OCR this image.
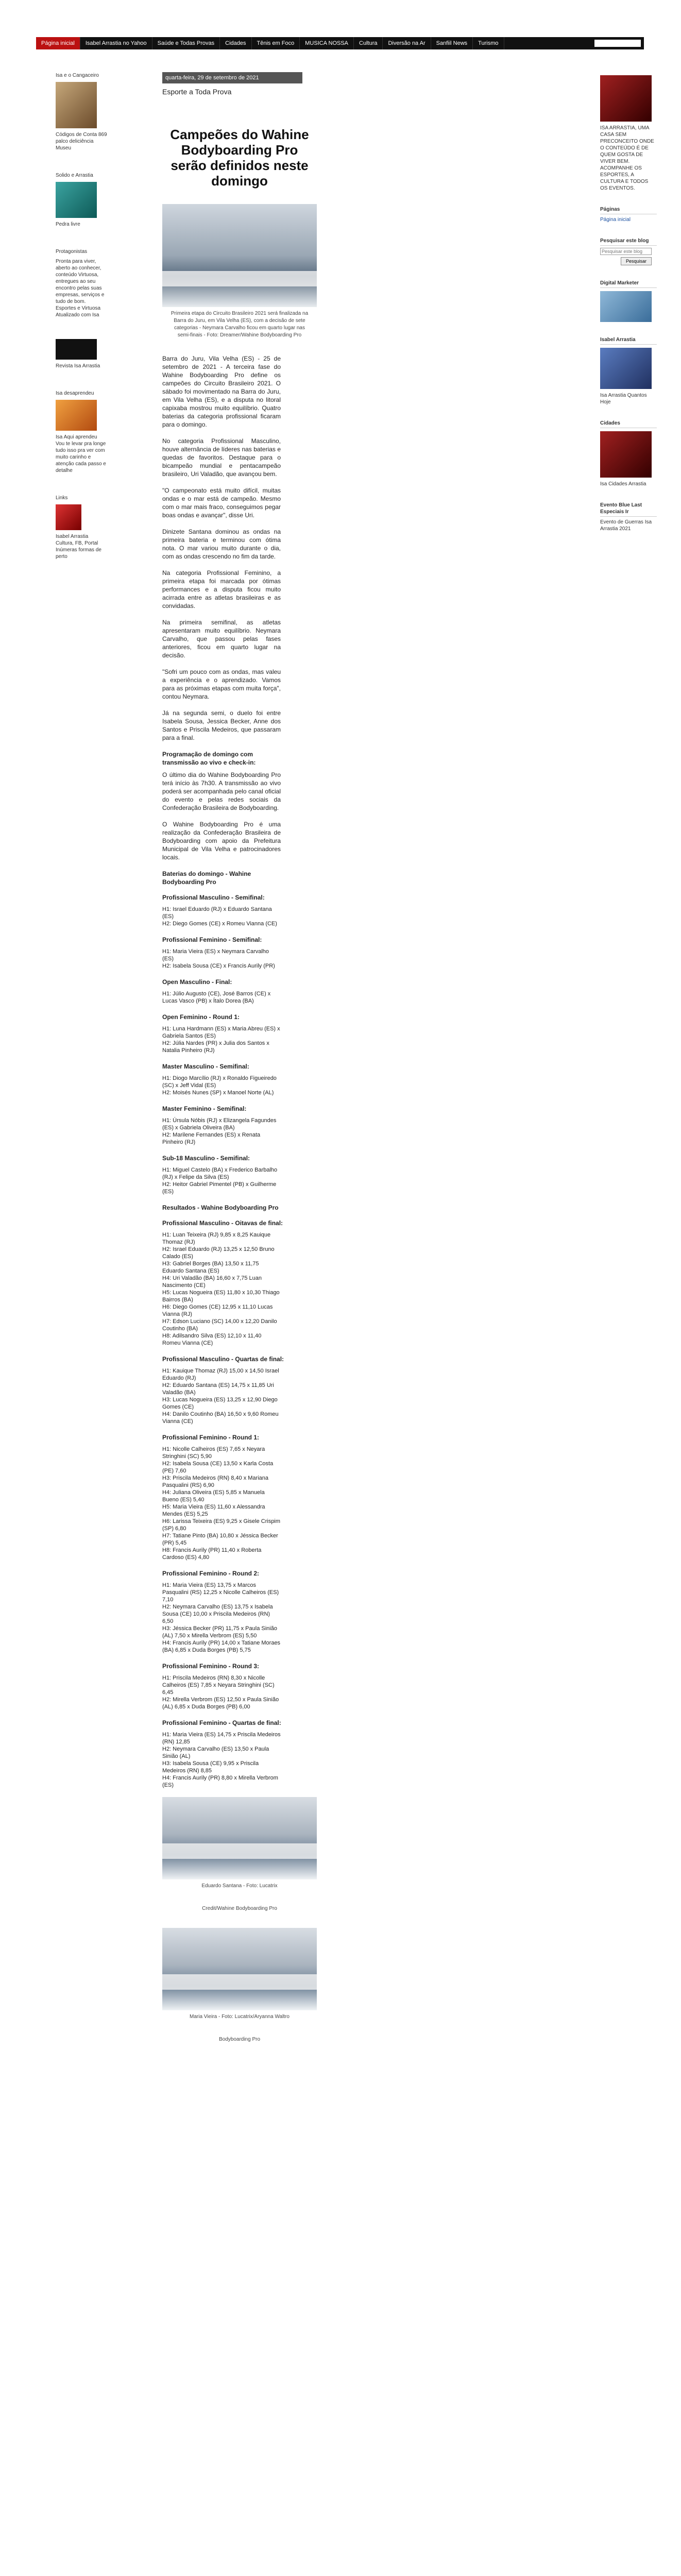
Página inicial	Isabel Arrastia no Yahoo	Saúde e Todas Provas	Cidades	Tênis em Foco	MUSICA NOSSA	Cultura	Diversão na Ar	Sanfiil News	Turismo

Isa e o Cangaceiro

Códigos de Conta 869 palco deliciência Museu

Solido e Arrastia

Pedra livre

Protagonistas

Pronta para viver, aberto ao conhecer, conteúdo Virtuosa, entregues ao seu encontro pelas suas empresas, serviços e tudo de bom. Esportes e Virtuosa Atualizado com Isa

Revista Isa Arrastia

Isa desaprendeu

Isa Aqui aprendeu Vou te levar pra longe tudo isso pra ver com muito carinho e atenção cada passo e detalhe

Links

Isabel Arrastia Cultura, FB, Portal Inúmeras formas de perto

quarta-feira, 29 de setembro de 2021
Esporte a Toda Prova
Campeões do Wahine Bodyboarding Pro serão definidos neste domingo
Primeira etapa do Circuito Brasileiro 2021 será finalizada na Barra do Juru, em Vila Velha (ES), com a decisão de sete categorias - Neymara Carvalho ficou em quarto lugar nas semi-finais - Foto: Dreamer/Wahine Bodyboarding Pro

Barra do Juru, Vila Velha (ES) - 25 de setembro de 2021 - A terceira fase do Wahine Bodyboarding Pro define os campeões do Circuito Brasileiro 2021. O sábado foi movimentado na Barra do Juru, em Vila Velha (ES), e a disputa no litoral capixaba mostrou muito equilíbrio. Quatro baterias da categoria profissional ficaram para o domingo.

No categoria Profissional Masculino, houve alternância de líderes nas baterias e quedas de favoritos. Destaque para o bicampeão mundial e pentacampeão brasileiro, Uri Valadão, que avançou bem.

"O campeonato está muito difícil, muitas ondas e o mar está de campeão. Mesmo com o mar mais fraco, conseguimos pegar boas ondas e avançar", disse Uri.

Dinizete Santana dominou as ondas na primeira bateria e terminou com ótima nota. O mar variou muito durante o dia, com as ondas crescendo no fim da tarde.

Na categoria Profissional Feminino, a primeira etapa foi marcada por ótimas performances e a disputa ficou muito acirrada entre as atletas brasileiras e as convidadas.

Na primeira semifinal, as atletas apresentaram muito equilíbrio. Neymara Carvalho, que passou pelas fases anteriores, ficou em quarto lugar na decisão.

"Sofri um pouco com as ondas, mas valeu a experiência e o aprendizado. Vamos para as próximas etapas com muita força", contou Neymara.

Já na segunda semi, o duelo foi entre Isabela Sousa, Jessica Becker, Anne dos Santos e Priscila Medeiros, que passaram para a final.

Programação de domingo com transmissão ao vivo e check-in:

O último dia do Wahine Bodyboarding Pro terá início às 7h30. A transmissão ao vivo poderá ser acompanhada pelo canal oficial do evento e pelas redes sociais da Confederação Brasileira de Bodyboarding.

O Wahine Bodyboarding Pro é uma realização da Confederação Brasileira de Bodyboarding com apoio da Prefeitura Municipal de Vila Velha e patrocinadores locais.

Baterias do domingo - Wahine Bodyboarding Pro
Profissional Masculino - Semifinal:
H1: Israel Eduardo (RJ) x Eduardo Santana (ES)
H2: Diego Gomes (CE) x Romeu Vianna (CE)
Profissional Feminino - Semifinal:
H1: Maria Vieira (ES) x Neymara Carvalho (ES)
H2: Isabela Sousa (CE) x Francis Aurily (PR)
Open Masculino - Final:
H1: Júlio Augusto (CE), José Barros (CE) x Lucas Vasco (PB) x Ítalo Dorea (BA)
Open Feminino - Round 1:
H1: Luna Hardmann (ES) x Maria Abreu (ES) x Gabriela Santos (ES)
H2: Júlia Nardes (PR) x Julia dos Santos x Natalia Pinheiro (RJ)
Master Masculino - Semifinal:
H1: Diogo Marcílio (RJ) x Ronaldo Figueiredo (SC) x Jeff Vidal (ES)
H2: Moisés Nunes (SP) x Manoel Norte (AL)
Master Feminino - Semifinal:
H1: Úrsula Nóbis (RJ) x Elizangela Fagundes (ES) x Gabriela Oliveira (BA)
H2: Marilene Fernandes (ES) x Renata Pinheiro (RJ)
Sub-18 Masculino - Semifinal:
H1: Miguel Castelo (BA) x Frederico Barbalho (RJ) x Felipe da Silva (ES)
H2: Heitor Gabriel Pimentel (PB) x Guilherme (ES)
Resultados - Wahine Bodyboarding Pro
Profissional Masculino - Oitavas de final:
H1: Luan Teixeira (RJ) 9,85 x 8,25 Kauique Thomaz (RJ)
H2: Israel Eduardo (RJ) 13,25 x 12,50 Bruno Calado (ES)
H3: Gabriel Borges (BA) 13,50 x 11,75 Eduardo Santana (ES)
H4: Uri Valadão (BA) 16,60 x 7,75 Luan Nascimento (CE)
H5: Lucas Nogueira (ES) 11,80 x 10,30 Thiago Bairros (BA)
H6: Diego Gomes (CE) 12,95 x 11,10 Lucas Vianna (RJ)
H7: Edson Luciano (SC) 14,00 x 12,20 Danilo Coutinho (BA)
H8: Adilsandro Silva (ES) 12,10 x 11,40 Romeu Vianna (CE)
Profissional Masculino - Quartas de final:
H1: Kauique Thomaz (RJ) 15,00 x 14,50 Israel Eduardo (RJ)
H2: Eduardo Santana (ES) 14,75 x 11,85 Uri Valadão (BA)
H3: Lucas Nogueira (ES) 13,25 x 12,90 Diego Gomes (CE)
H4: Danilo Coutinho (BA) 16,50 x 9,60 Romeu Vianna (CE)
Profissional Feminino - Round 1:
H1: Nicolle Calheiros (ES) 7,65 x Neyara Stringhini (SC) 5,90
H2: Isabela Sousa (CE) 13,50 x Karla Costa (PE) 7,60
H3: Priscila Medeiros (RN) 8,40 x Mariana Pasqualini (RS) 6,90
H4: Juliana Oliveira (ES) 5,85 x Manuela Bueno (ES) 5,40
H5: Maria Vieira (ES) 11,60 x Alessandra Mendes (ES) 5,25
H6: Larissa Teixeira (ES) 9,25 x Gisele Crispim (SP) 6,80
H7: Tatiane Pinto (BA) 10,80 x Jéssica Becker (PR) 5,45
H8: Francis Aurily (PR) 11,40 x Roberta Cardoso (ES) 4,80
Profissional Feminino - Round 2:
H1: Maria Vieira (ES) 13,75 x Marcos Pasqualini (RS) 12,25 x Nicolle Calheiros (ES) 7,10
H2: Neymara Carvalho (ES) 13,75 x Isabela Sousa (CE) 10,00 x Priscila Medeiros (RN) 6,50
H3: Jéssica Becker (PR) 11,75 x Paula Sinião (AL) 7,50 x Mirella Verbrom (ES) 5,50
H4: Francis Aurily (PR) 14,00 x Tatiane Moraes (BA) 6,85 x Duda Borges (PB) 5,75
Profissional Feminino - Round 3:
H1: Priscila Medeiros (RN) 8,30 x Nicolle Calheiros (ES) 7,85 x Neyara Stringhini (SC) 6,45
H2: Mirella Verbrom (ES) 12,50 x Paula Sinião (AL) 6,85 x Duda Borges (PB) 6,00
Profissional Feminino - Quartas de final:
H1: Maria Vieira (ES) 14,75 x Priscila Medeiros (RN) 12,85
H2: Neymara Carvalho (ES) 13,50 x Paula Sinião (AL)
H3: Isabela Sousa (CE) 9,95 x Priscila Medeiros (RN) 8,85
H4: Francis Aurily (PR) 8,80 x Mirella Verbrom (ES)
Eduardo Santana - Foto: Lucatrix
Credit/Wahine Bodyboarding Pro
Maria Vieira - Foto: Lucatrix/Aryanna Waltro
Bodyboarding Pro
ISA ARRASTIA, UMA CASA SEM PRECONCEITO ONDE O CONTEÚDO É DE QUEM GOSTA DE VIVER BEM. ACOMPANHE OS ESPORTES, A CULTURA E TODOS OS EVENTOS.
Páginas
Página inicial
Pesquisar este blog
Pesquisar este blog Pesquisar
Digital Marketer
Isabel Arrastia
Isa Arrastia Quantos Hoje
Cidades
Isa Cidades Arrastia
Evento Blue Last Especiais Ir
Evento de Guerras Isa Arrastia 2021
